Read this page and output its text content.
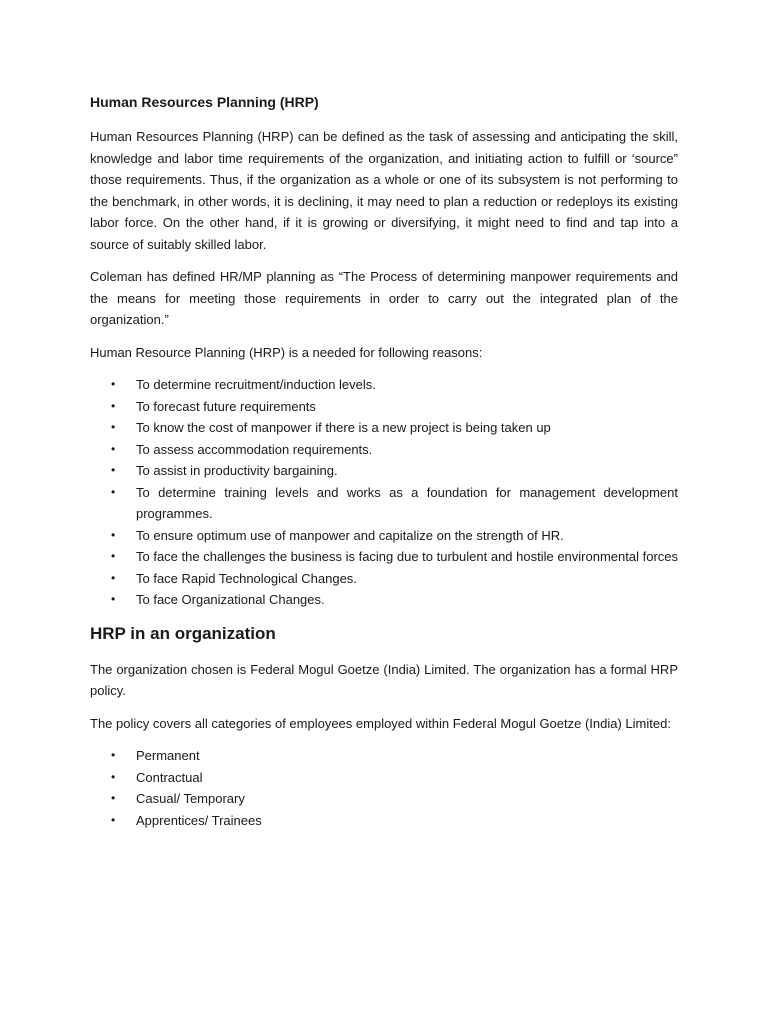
Human Resources Planning (HRP)

Human Resources Planning (HRP) can be defined as the task of assessing and anticipating the skill, knowledge and labor time requirements of the organization, and initiating action to fulfill or ‘source” those requirements. Thus, if the organization as a whole or one of its subsystem is not performing to the benchmark, in other words, it is declining, it may need to plan a reduction or redeploys its existing labor force. On the other hand, if it is growing or diversifying, it might need to find and tap into a source of suitably skilled labor.

Coleman has defined HR/MP planning as “The Process of determining manpower requirements and the means for meeting those requirements in order to carry out the integrated plan of the organization.”

Human Resource Planning (HRP) is a needed for following reasons:

• To determine recruitment/induction levels.
• To forecast future requirements
• To know the cost of manpower if there is a new project is being taken up
• To assess accommodation requirements.
• To assist in productivity bargaining.
• To determine training levels and works as a foundation for management development programmes.
• To ensure optimum use of manpower and capitalize on the strength of HR.
• To face the challenges the business is facing due to turbulent and hostile environmental forces
• To face Rapid Technological Changes.
• To face Organizational Changes.
HRP in an organization

The organization chosen is Federal Mogul Goetze (India) Limited. The organization has a formal HRP policy.

The policy covers all categories of employees employed within Federal Mogul Goetze (India) Limited:

• Permanent
• Contractual
• Casual/ Temporary
• Apprentices/ Trainees
